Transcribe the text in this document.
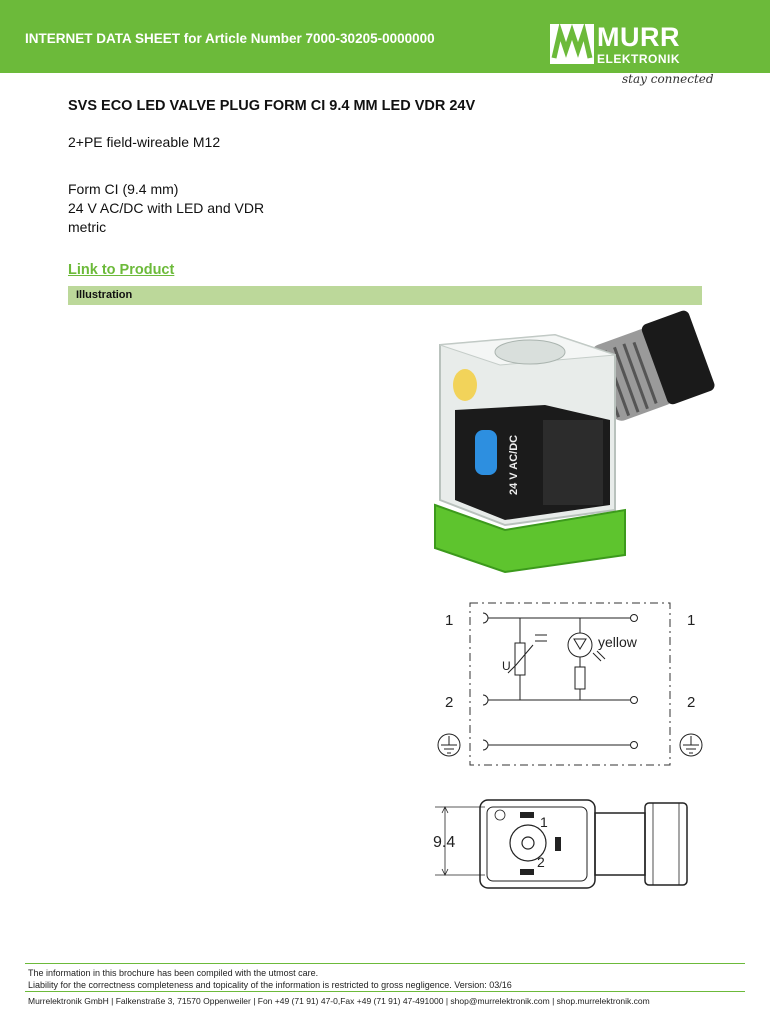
INTERNET DATA SHEET for Article Number 7000-30205-0000000	MURR
ELEKTRONIK
stay connected
SVS ECO LED VALVE PLUG FORM CI 9.4 MM LED VDR 24V
2+PE field-wireable M12
Form CI (9.4 mm)
24 V AC/DC with LED and VDR
metric
Link to Product
Illustration
24 V AC/DC
1	1
2	2
U
yellow
9.4
1
2
The information in this brochure has been compiled with the utmost care.
Liability for the correctness completeness and topicality of the information is restricted to gross negligence. Version: 03/16
Murrelektronik GmbH | Falkenstraße 3, 71570 Oppenweiler | Fon +49 (71 91) 47-0,Fax +49 (71 91) 47-491000 | shop@murrelektronik.com | shop.murrelektronik.com
